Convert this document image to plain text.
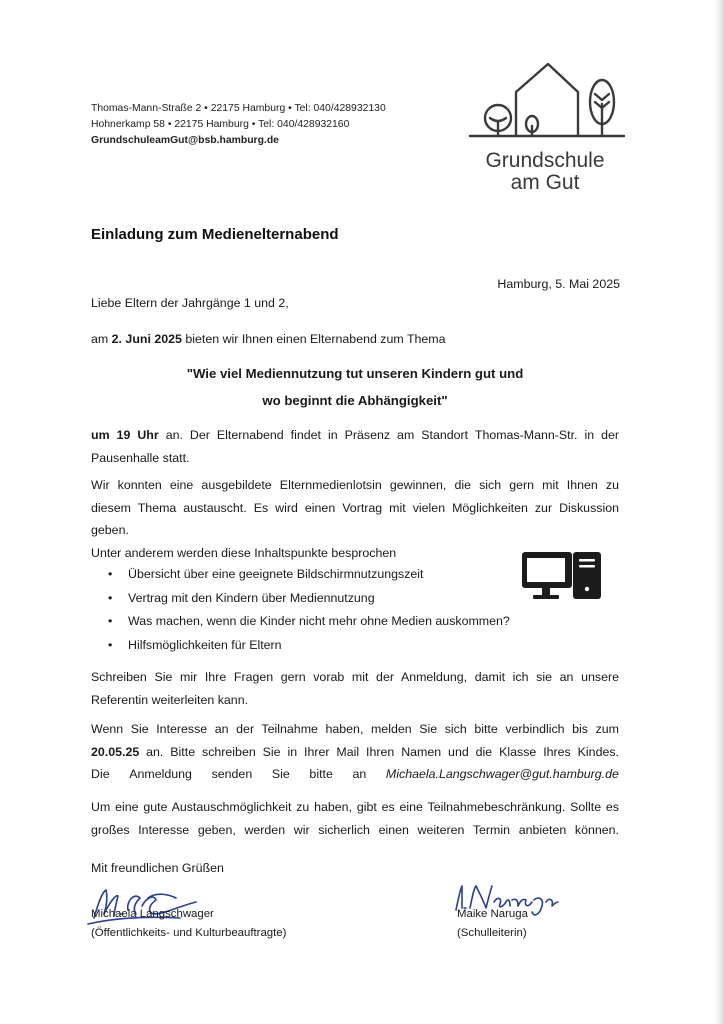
Thomas-Mann-Straße 2 • 22175 Hamburg • Tel: 040/428932130
Hohnerkamp 58 • 22175 Hamburg • Tel: 040/428932160
GrundschuleamGut@bsb.hamburg.de
Grundschule
am Gut
Einladung zum Medienelternabend
Hamburg, 5. Mai 2025
Liebe Eltern der Jahrgänge 1 und 2,
am 2. Juni 2025 bieten wir Ihnen einen Elternabend zum Thema
"Wie viel Mediennutzung tut unseren Kindern gut und
wo beginnt die Abhängigkeit"
um 19 Uhr an. Der Elternabend findet in Präsenz am Standort Thomas-Mann-Str. in der
Pausenhalle statt.
Wir konnten eine ausgebildete Elternmedienlotsin gewinnen, die sich gern mit Ihnen zu
diesem Thema austauscht. Es wird einen Vortrag mit vielen Möglichkeiten zur Diskussion
geben.
Unter anderem werden diese Inhaltspunkte besprochen
• Übersicht über eine geeignete Bildschirmnutzungszeit
• Vertrag mit den Kindern über Mediennutzung
• Was machen, wenn die Kinder nicht mehr ohne Medien auskommen?
• Hilfsmöglichkeiten für Eltern
Schreiben Sie mir Ihre Fragen gern vorab mit der Anmeldung, damit ich sie an unsere
Referentin weiterleiten kann.
Wenn Sie Interesse an der Teilnahme haben, melden Sie sich bitte verbindlich bis zum
20.05.25 an. Bitte schreiben Sie in Ihrer Mail Ihren Namen und die Klasse Ihres Kindes.
Die Anmeldung senden Sie bitte an Michaela.Langschwager@gut.hamburg.de
Um eine gute Austauschmöglichkeit zu haben, gibt es eine Teilnahmebeschränkung. Sollte es
großes Interesse geben, werden wir sicherlich einen weiteren Termin anbieten können.
Mit freundlichen Grüßen
Michaela Langschwager
(Öffentlichkeits- und Kulturbeauftragte)
Maike Naruga
(Schulleiterin)
